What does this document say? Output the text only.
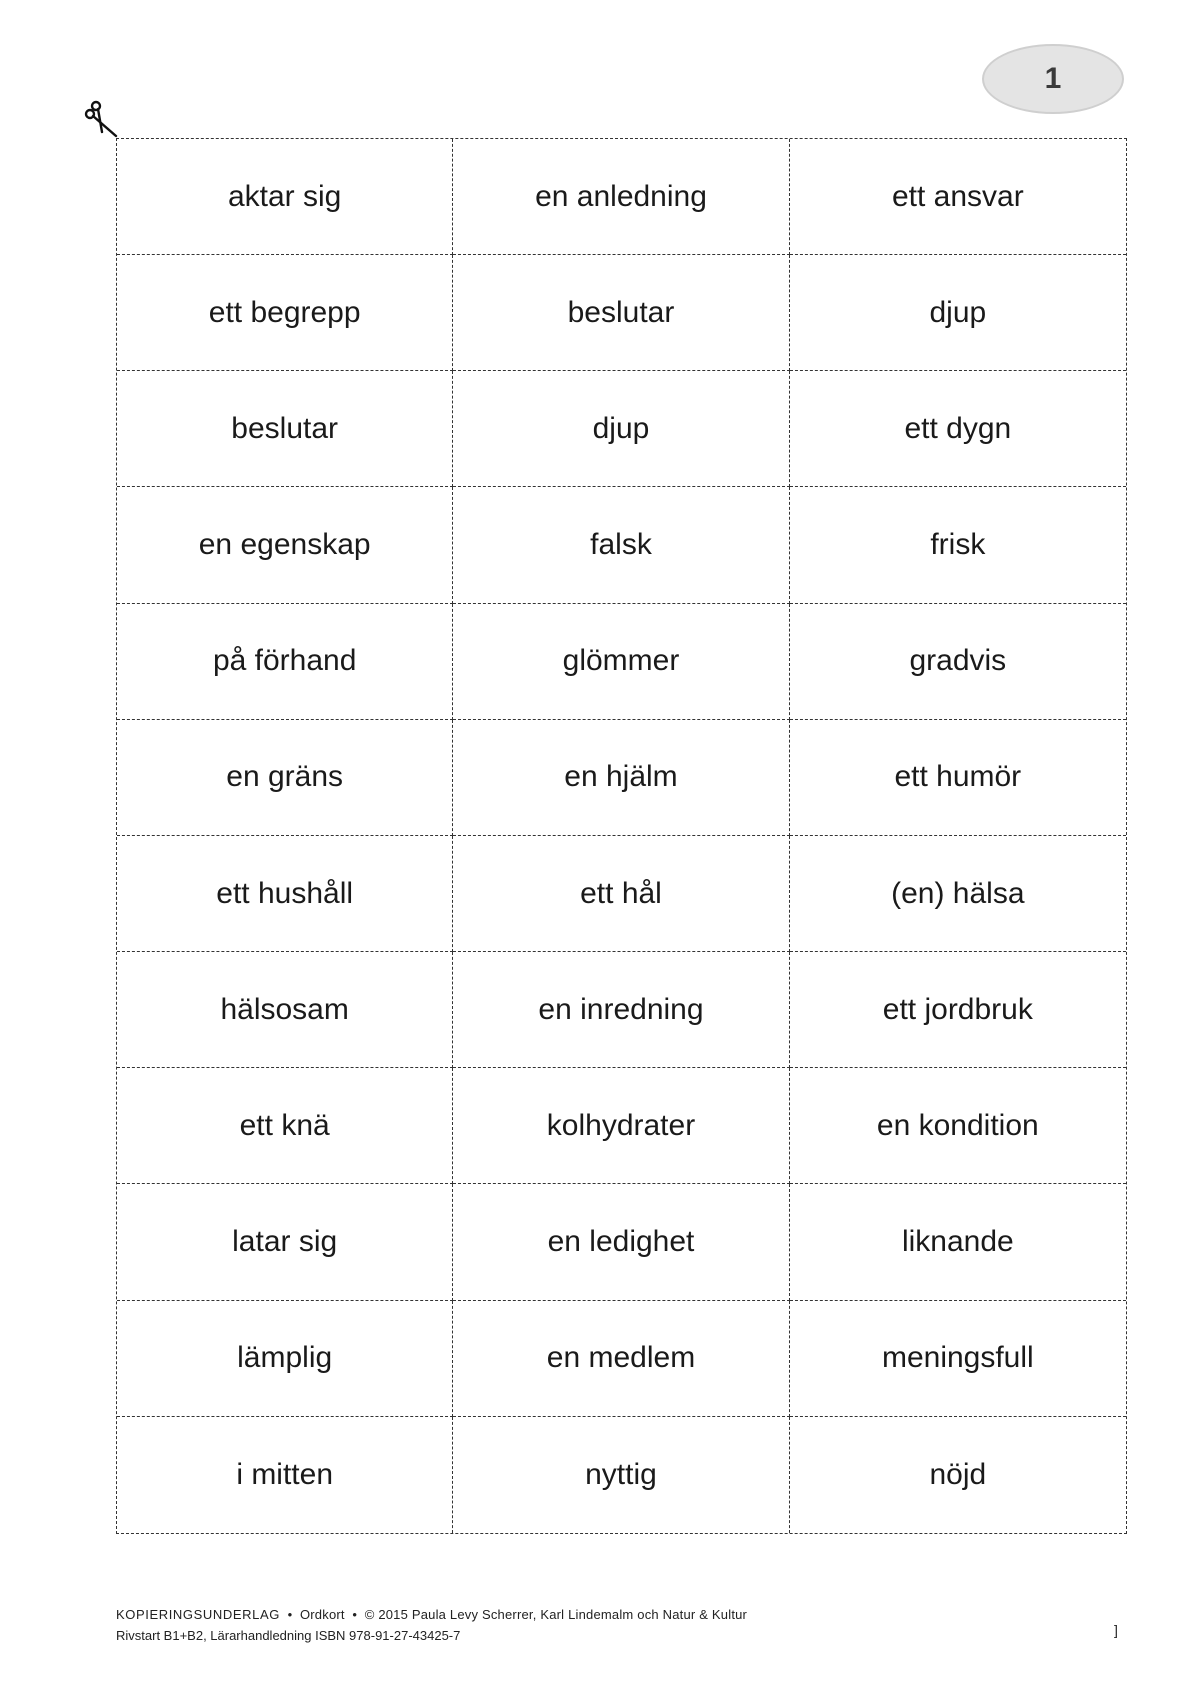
1
aktar sig	en anledning	ett ansvar
ett begrepp	beslutar	djup
beslutar	djup	ett dygn
en egenskap	falsk	frisk
på förhand	glömmer	gradvis
en gräns	en hjälm	ett humör
ett hushåll	ett hål	(en) hälsa
hälsosam	en inredning	ett jordbruk
ett knä	kolhydrater	en kondition
latar sig	en ledighet	liknande
lämplig	en medlem	meningsfull
i mitten	nyttig	nöjd
KOPIERINGSUNDERLAG • Ordkort • © 2015 Paula Levy Scherrer, Karl Lindemalm och Natur & Kultur
Rivstart B1+B2, Lärarhandledning ISBN 978-91-27-43425-7	]
